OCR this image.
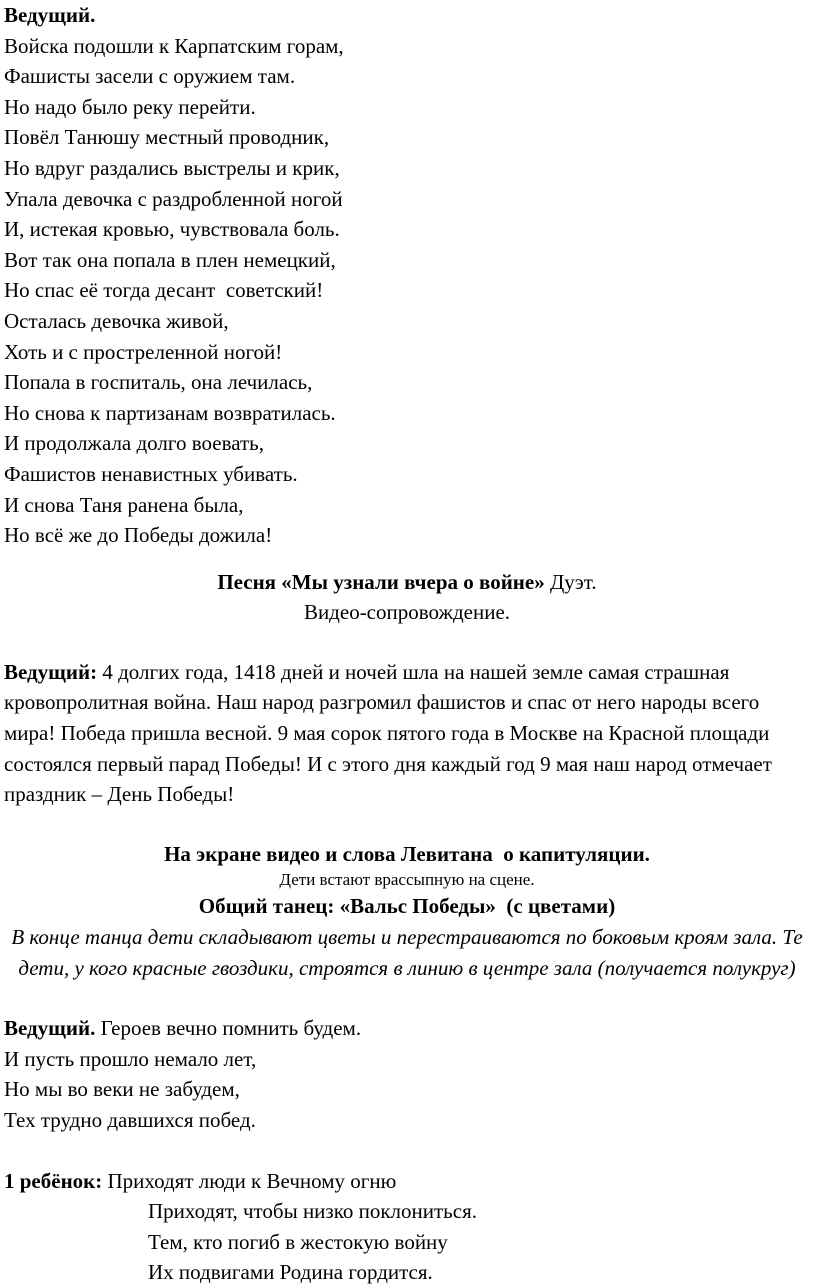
Ведущий.
Войска подошли к Карпатским горам,
Фашисты засели с оружием там.
Но надо было реку перейти.
Повёл Танюшу местный проводник,
Но вдруг раздались выстрелы и крик,
Упала девочка с раздробленной ногой
И, истекая кровью, чувствовала боль.
Вот так она попала в плен немецкий,
Но спас её тогда десант  советский!
Осталась девочка живой,
Хоть и с простреленной ногой!
Попала в госпиталь, она лечилась,
Но снова к партизанам возвратилась.
И продолжала долго воевать,
Фашистов ненавистных убивать.
И снова Таня ранена была,
Но всё же до Победы дожила!
Песня «Мы узнали вчера о войне» Дуэт.
Видео-сопровождение.
Ведущий: 4 долгих года, 1418 дней и ночей шла на нашей земле самая страшная кровопролитная война. Наш народ разгромил фашистов и спас от него народы всего мира! Победа пришла весной. 9 мая сорок пятого года в Москве на Красной площади состоялся первый парад Победы! И с этого дня каждый год 9 мая наш народ отмечает праздник – День Победы!
На экране видео и слова Левитана  о капитуляции.
Дети встают врассыпную на сцене.
Общий танец: «Вальс Победы»  (с цветами)
В конце танца дети складывают цветы и перестраиваются по боковым кроям зала. Те дети, у кого красные гвоздики, строятся в линию в центре зала (получается полукруг)
Ведущий. Героев вечно помнить будем.
И пусть прошло немало лет,
Но мы во веки не забудем,
Тех трудно давшихся побед.
1 ребёнок: Приходят люди к Вечному огню
Приходят, чтобы низко поклониться.
Тем, кто погиб в жестокую войну
Их подвигами Родина гордится.
